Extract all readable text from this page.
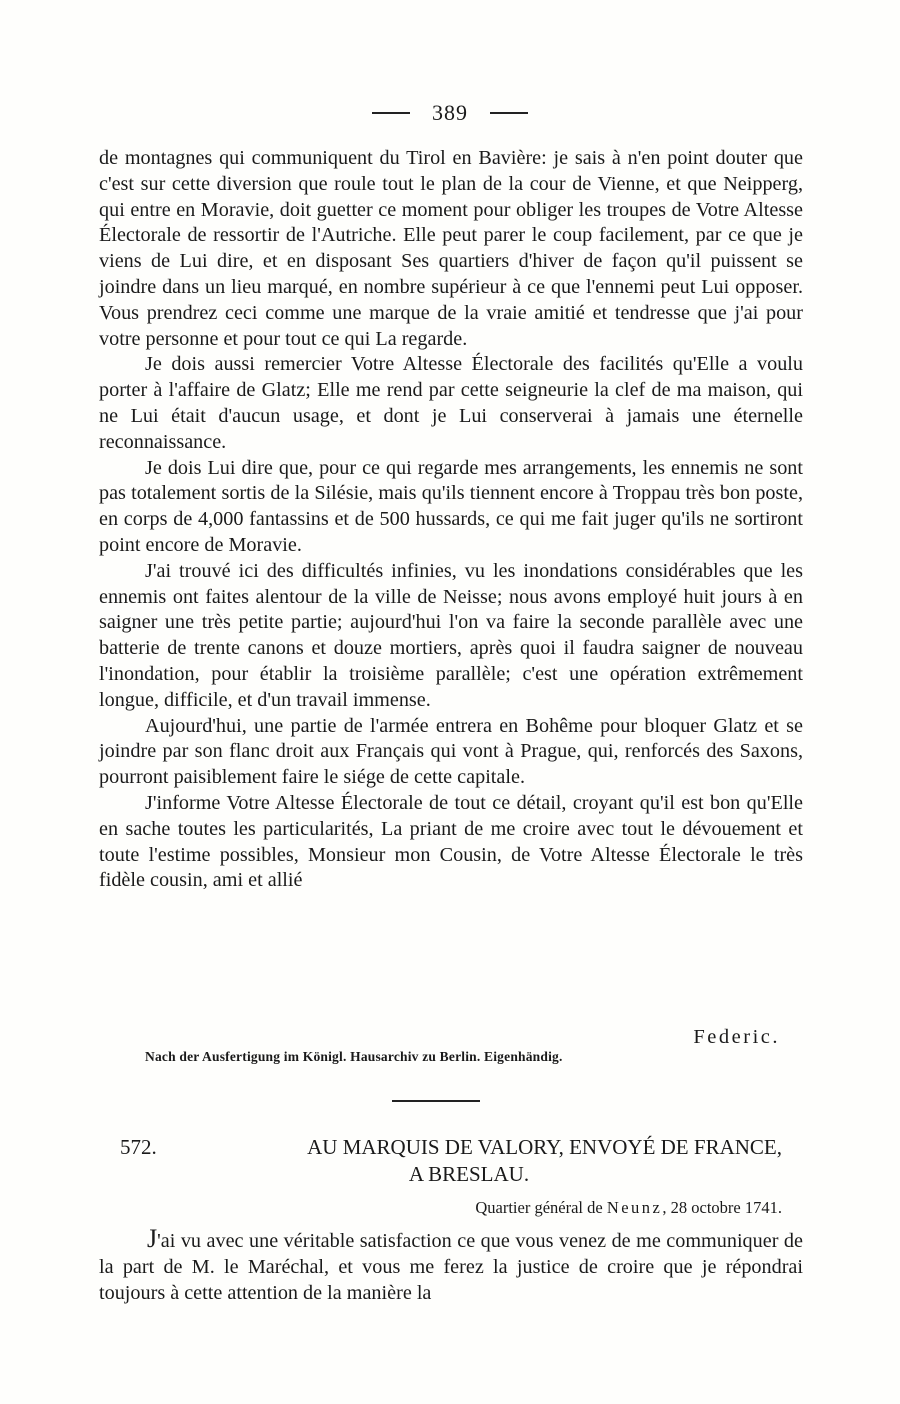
389

de montagnes qui communiquent du Tirol en Bavière: je sais à n'en point douter que c'est sur cette diversion que roule tout le plan de la cour de Vienne, et que Neipperg, qui entre en Moravie, doit guetter ce moment pour obliger les troupes de Votre Altesse Électorale de ressortir de l'Autriche. Elle peut parer le coup facilement, par ce que je viens de Lui dire, et en disposant Ses quartiers d'hiver de façon qu'il puissent se joindre dans un lieu marqué, en nombre supérieur à ce que l'ennemi peut Lui opposer. Vous prendrez ceci comme une marque de la vraie amitié et tendresse que j'ai pour votre personne et pour tout ce qui La regarde.

Je dois aussi remercier Votre Altesse Électorale des facilités qu'Elle a voulu porter à l'affaire de Glatz; Elle me rend par cette seigneurie la clef de ma maison, qui ne Lui était d'aucun usage, et dont je Lui conserverai à jamais une éternelle reconnaissance.

Je dois Lui dire que, pour ce qui regarde mes arrangements, les ennemis ne sont pas totalement sortis de la Silésie, mais qu'ils tiennent encore à Troppau très bon poste, en corps de 4,000 fantassins et de 500 hussards, ce qui me fait juger qu'ils ne sortiront point encore de Moravie.

J'ai trouvé ici des difficultés infinies, vu les inondations considérables que les ennemis ont faites alentour de la ville de Neisse; nous avons employé huit jours à en saigner une très petite partie; aujourd'hui l'on va faire la seconde parallèle avec une batterie de trente canons et douze mortiers, après quoi il faudra saigner de nouveau l'inondation, pour établir la troisième parallèle; c'est une opération extrêmement longue, difficile, et d'un travail immense.

Aujourd'hui, une partie de l'armée entrera en Bohême pour bloquer Glatz et se joindre par son flanc droit aux Français qui vont à Prague, qui, renforcés des Saxons, pourront paisiblement faire le siége de cette capitale.

J'informe Votre Altesse Électorale de tout ce détail, croyant qu'il est bon qu'Elle en sache toutes les particularités, La priant de me croire avec tout le dévouement et toute l'estime possibles, Monsieur mon Cousin, de Votre Altesse Électorale le très fidèle cousin, ami et allié

Federic.
Nach der Ausfertigung im Königl. Hausarchiv zu Berlin. Eigenhändig.
572.	AU MARQUIS DE VALORY, ENVOYÉ DE FRANCE,
A BRESLAU.
Quartier général de Neunz, 28 octobre 1741.
J'ai vu avec une véritable satisfaction ce que vous venez de me communiquer de la part de M. le Maréchal, et vous me ferez la justice de croire que je répondrai toujours à cette attention de la manière la
